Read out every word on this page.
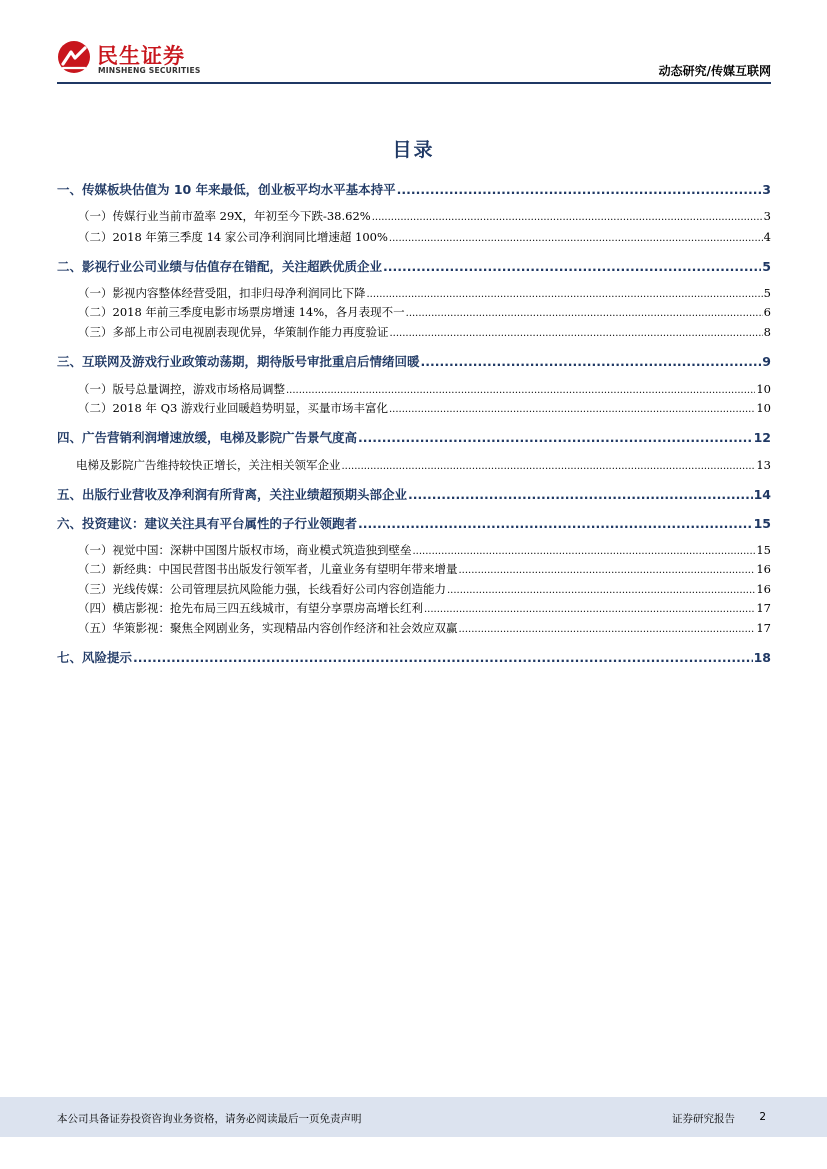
民生证券
MINSHENG SECURITIES	动态研究/传媒互联网
目录
一、传媒板块估值为 10 年来最低，创业板平均水平基本持平 .....	3
（一）传媒行业当前市盈率 29X，年初至今下跌-38.62% .....	3
（二）2018 年第三季度 14 家公司净利润同比增速超 100% .....	4
二、影视行业公司业绩与估值存在错配，关注超跌优质企业 .....	5
（一）影视内容整体经营受阻，扣非归母净利润同比下降 .....	5
（二）2018 年前三季度电影市场票房增速 14%，各月表现不一 .....	6
（三）多部上市公司电视剧表现优异，华策制作能力再度验证 .....	8
三、互联网及游戏行业政策动荡期，期待版号审批重启后情绪回暖 .....	9
（一）版号总量调控，游戏市场格局调整 .....	10
（二）2018 年 Q3 游戏行业回暖趋势明显，买量市场丰富化 .....	10
四、广告营销利润增速放缓，电梯及影院广告景气度高 .....	12
电梯及影院广告维持较快正增长，关注相关领军企业 .....	13
五、出版行业营收及净利润有所背离，关注业绩超预期头部企业 .....	14
六、投资建议：建议关注具有平台属性的子行业领跑者 .....	15
（一）视觉中国：深耕中国图片版权市场，商业模式筑造独到壁垒 .....	15
（二）新经典：中国民营图书出版发行领军者，儿童业务有望明年带来增量 .....	16
（三）光线传媒：公司管理层抗风险能力强，长线看好公司内容创造能力 .....	16
（四）横店影视：抢先布局三四五线城市，有望分享票房高增长红利 .....	17
（五）华策影视：聚焦全网剧业务，实现精品内容创作经济和社会效应双赢 .....	17
七、风险提示 .....	18
本公司具备证券投资咨询业务资格，请务必阅读最后一页免责声明	证券研究报告 2
